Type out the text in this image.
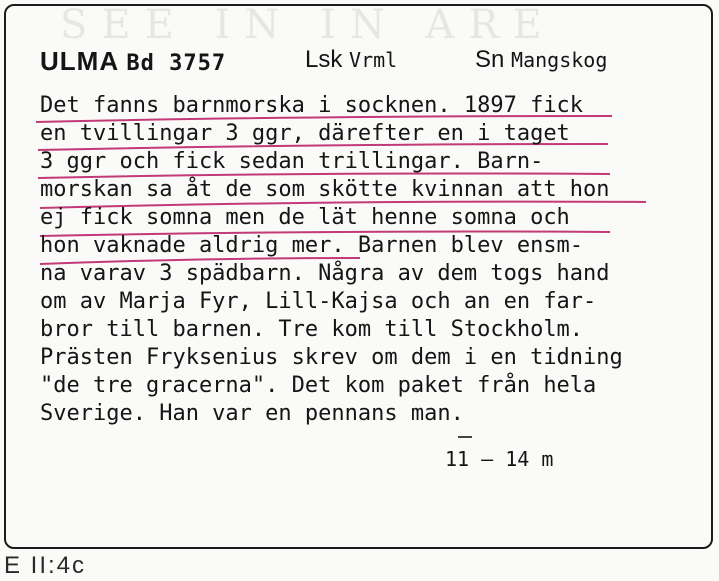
SEE IN IN ARE
ULMA Bd 3757	Lsk Vrml	Sn Mangskog
Det fanns barnmorska i socknen. 1897 fick
en tvillingar 3 ggr, därefter en i taget
3 ggr och fick sedan trillingar. Barn-
morskan sa åt de som skötte kvinnan att hon
ej fick somna men de lät henne somna och
hon vaknade aldrig mer. Barnen blev ensm-
na varav 3 spädbarn. Några av dem togs hand
om av Marja Fyr, Lill-Kajsa och an en far-
bror till barnen. Tre kom till Stockholm.
Prästen Fryksenius skrev om dem i en tidning
"de tre gracerna". Det kom paket från hela
Sverige. Han var en pennans man.
11 – 14 m
E II:4c
